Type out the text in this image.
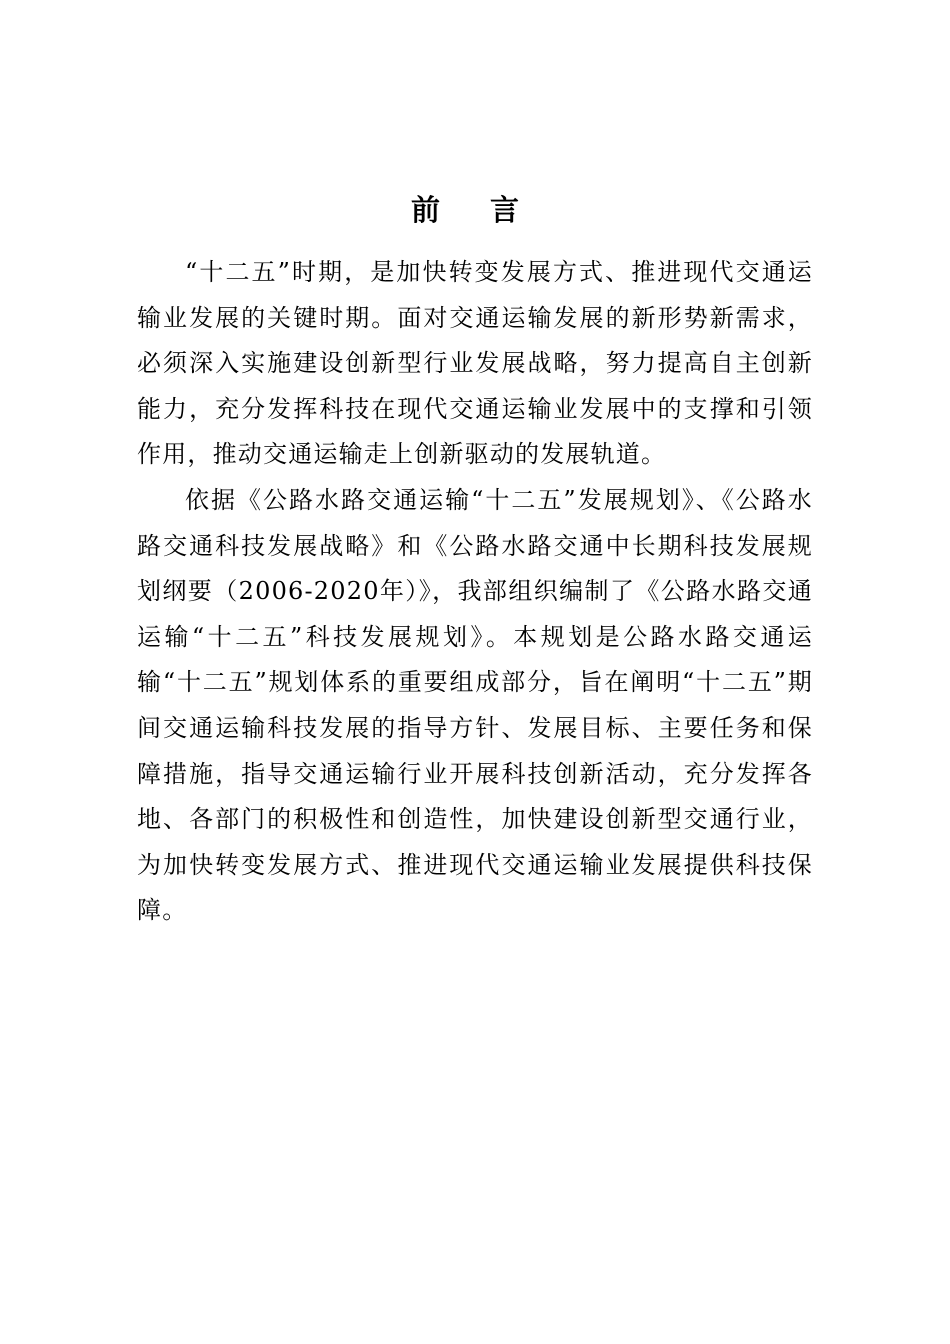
前 言

“十二五”时期，是加快转变发展方式、推进现代交通运输业发展的关键时期。面对交通运输发展的新形势新需求，必须深入实施建设创新型行业发展战略，努力提高自主创新能力，充分发挥科技在现代交通运输业发展中的支撑和引领作用，推动交通运输走上创新驱动的发展轨道。

依据《公路水路交通运输“十二五”发展规划》、《公路水路交通科技发展战略》和《公路水路交通中长期科技发展规划纲要（2006-2020年）》，我部组织编制了《公路水路交通运输“十二五”科技发展规划》。本规划是公路水路交通运输“十二五”规划体系的重要组成部分，旨在阐明“十二五”期间交通运输科技发展的指导方针、发展目标、主要任务和保障措施，指导交通运输行业开展科技创新活动，充分发挥各地、各部门的积极性和创造性，加快建设创新型交通行业，为加快转变发展方式、推进现代交通运输业发展提供科技保障。
